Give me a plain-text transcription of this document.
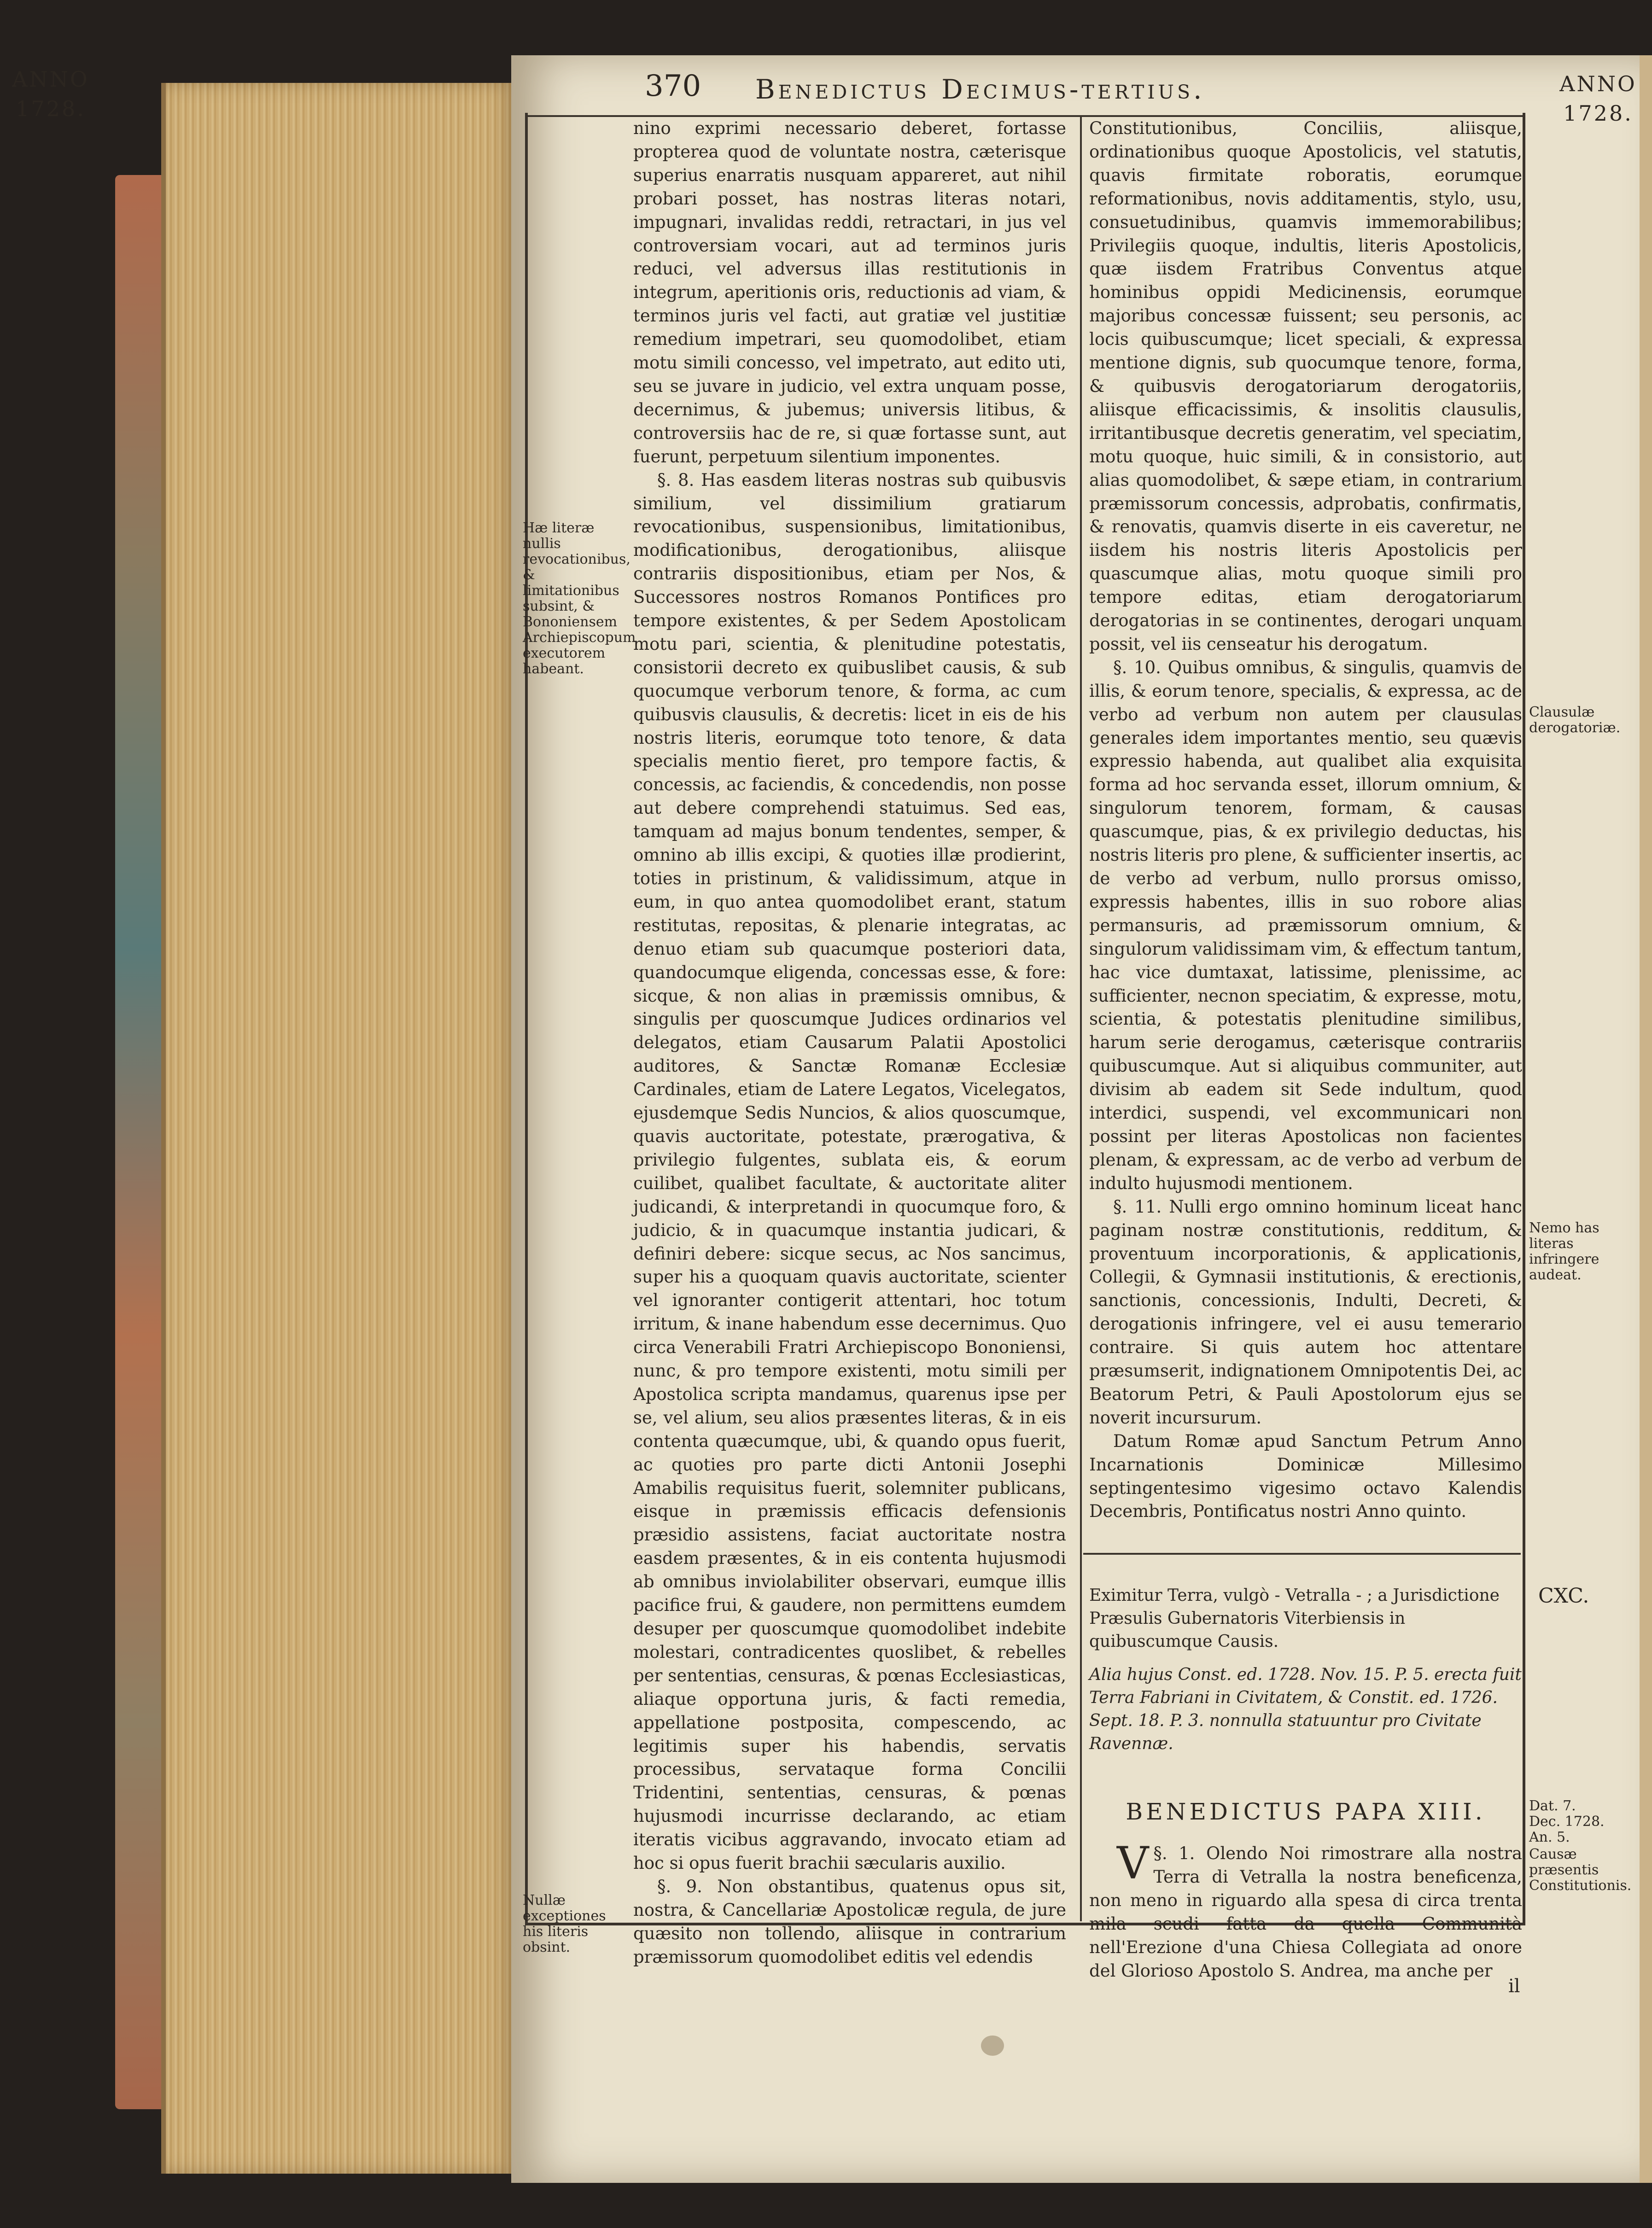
ANNO
1728.
370 Benedictus Decimus-tertius.	ANNO
1728.

nino exprimi necessario deberet, fortasse propterea quod de voluntate nostra, cæterisque superius enarratis nusquam appareret, aut nihil probari posset, has nostras literas notari, impugnari, invalidas reddi, retractari, in jus vel controversiam vocari, aut ad terminos juris reduci, vel adversus illas restitutionis in integrum, aperitionis oris, reductionis ad viam, & terminos juris vel facti, aut gratiæ vel justitiæ remedium impetrari, seu quomodolibet, etiam motu simili concesso, vel impetrato, aut edito uti, seu se juvare in judicio, vel extra unquam posse, decernimus, & jubemus; universis litibus, & controversiis hac de re, si quæ fortasse sunt, aut fuerunt, perpetuum silentium imponentes.

§. 8. Has easdem literas nostras sub quibusvis similium, vel dissimilium gratiarum revocationibus, suspensionibus, limitationibus, modificationibus, derogationibus, aliisque contrariis dispositionibus, etiam per Nos, & Successores nostros Romanos Pontifices pro tempore existentes, & per Sedem Apostolicam motu pari, scientia, & plenitudine potestatis, consistorii decreto ex quibuslibet causis, & sub quocumque verborum tenore, & forma, ac cum quibusvis clausulis, & decretis: licet in eis de his nostris literis, eorumque toto tenore, & data specialis mentio fieret, pro tempore factis, & concessis, ac faciendis, & concedendis, non posse aut debere comprehendi statuimus. Sed eas, tamquam ad majus bonum tendentes, semper, & omnino ab illis excipi, & quoties illæ prodierint, toties in pristinum, & validissimum, atque in eum, in quo antea quomodolibet erant, statum restitutas, repositas, & plenarie integratas, ac denuo etiam sub quacumque posteriori data, quandocumque eligenda, concessas esse, & fore: sicque, & non alias in præmissis omnibus, & singulis per quoscumque Judices ordinarios vel delegatos, etiam Causarum Palatii Apostolici auditores, & Sanctæ Romanæ Ecclesiæ Cardinales, etiam de Latere Legatos, Vicelegatos, ejusdemque Sedis Nuncios, & alios quoscumque, quavis auctoritate, potestate, prærogativa, & privilegio fulgentes, sublata eis, & eorum cuilibet, qualibet facultate, & auctoritate aliter judicandi, & interpretandi in quocumque foro, & judicio, & in quacumque instantia judicari, & definiri debere: sicque secus, ac Nos sancimus, super his a quoquam quavis auctoritate, scienter vel ignoranter contigerit attentari, hoc totum irritum, & inane habendum esse decernimus. Quo circa Venerabili Fratri Archiepiscopo Bononiensi, nunc, & pro tempore existenti, motu simili per Apostolica scripta mandamus, quarenus ipse per se, vel alium, seu alios præsentes literas, & in eis contenta quæcumque, ubi, & quando opus fuerit, ac quoties pro parte dicti Antonii Josephi Amabilis requisitus fuerit, solemniter publicans, eisque in præmissis efficacis defensionis præsidio assistens, faciat auctoritate nostra easdem præsentes, & in eis contenta hujusmodi ab omnibus inviolabiliter observari, eumque illis pacifice frui, & gaudere, non permittens eumdem desuper per quoscumque quomodolibet indebite molestari, contradicentes quoslibet, & rebelles per sententias, censuras, & pœnas Ecclesiasticas, aliaque opportuna juris, & facti remedia, appellatione postposita, compescendo, ac legitimis super his habendis, servatis processibus, servataque forma Concilii Tridentini, sententias, censuras, & pœnas hujusmodi incurrisse declarando, ac etiam iteratis vicibus aggravando, invocato etiam ad hoc si opus fuerit brachii sæcularis auxilio.

§. 9. Non obstantibus, quatenus opus sit, nostra, & Cancellariæ Apostolicæ regula, de jure quæsito non tollendo, aliisque in contrarium præmissorum quomodolibet editis vel edendis

Constitutionibus, Conciliis, aliisque, ordinationibus quoque Apostolicis, vel statutis, quavis firmitate roboratis, eorumque reformationibus, novis additamentis, stylo, usu, consuetudinibus, quamvis immemorabilibus; Privilegiis quoque, indultis, literis Apostolicis, quæ iisdem Fratribus Conventus atque hominibus oppidi Medicinensis, eorumque majoribus concessæ fuissent; seu personis, ac locis quibuscumque; licet speciali, & expressa mentione dignis, sub quocumque tenore, forma, & quibusvis derogatoriarum derogatoriis, aliisque efficacissimis, & insolitis clausulis, irritantibusque decretis generatim, vel speciatim, motu quoque, huic simili, & in consistorio, aut alias quomodolibet, & sæpe etiam, in contrarium præmissorum concessis, adprobatis, confirmatis, & renovatis, quamvis diserte in eis caveretur, ne iisdem his nostris literis Apostolicis per quascumque alias, motu quoque simili pro tempore editas, etiam derogatoriarum derogatorias in se continentes, derogari unquam possit, vel iis censeatur his derogatum.

§. 10. Quibus omnibus, & singulis, quamvis de illis, & eorum tenore, specialis, & expressa, ac de verbo ad verbum non autem per clausulas generales idem importantes mentio, seu quævis expressio habenda, aut qualibet alia exquisita forma ad hoc servanda esset, illorum omnium, & singulorum tenorem, formam, & causas quascumque, pias, & ex privilegio deductas, his nostris literis pro plene, & sufficienter insertis, ac de verbo ad verbum, nullo prorsus omisso, expressis habentes, illis in suo robore alias permansuris, ad præmissorum omnium, & singulorum validissimam vim, & effectum tantum, hac vice dumtaxat, latissime, plenissime, ac sufficienter, necnon speciatim, & expresse, motu, scientia, & potestatis plenitudine similibus, harum serie derogamus, cæterisque contrariis quibuscumque. Aut si aliquibus communiter, aut divisim ab eadem sit Sede indultum, quod interdici, suspendi, vel excommunicari non possint per literas Apostolicas non facientes plenam, & expressam, ac de verbo ad verbum de indulto hujusmodi mentionem.

§. 11. Nulli ergo omnino hominum liceat hanc paginam nostræ constitutionis, redditum, & proventuum incorporationis, & applicationis, Collegii, & Gymnasii institutionis, & erectionis, sanctionis, concessionis, Indulti, Decreti, & derogationis infringere, vel ei ausu temerario contraire. Si quis autem hoc attentare præsumserit, indignationem Omnipotentis Dei, ac Beatorum Petri, & Pauli Apostolorum ejus se noverit incursurum.

Datum Romæ apud Sanctum Petrum Anno Incarnationis Dominicæ Millesimo septingentesimo vigesimo octavo Kalendis Decembris, Pontificatus nostri Anno quinto.

Eximitur Terra, vulgò - Vetralla - ; a Jurisdictione Præsulis Gubernatoris Viterbiensis in quibuscumque Causis.

Alia hujus Const. ed. 1728. Nov. 15. P. 5. erecta fuit Terra Fabriani in Civitatem, & Constit. ed. 1726. Sept. 18. P. 3. nonnulla statuuntur pro Civitate Ravennæ.

BENEDICTUS PAPA XIII.

§. 1.
V	Olendo Noi rimostrare alla nostra Terra di Vetralla la nostra beneficenza, non meno in riguardo alla spesa di circa trenta mila scudi fatta da quella Communità nell'Erezione d'una Chiesa Collegiata ad onore del Glorioso Apostolo S. Andrea, ma anche per

Hæ literæ nullis revocationibus, & limitationibus subsint, & Bononiensem Archiepiscopum executorem habeant.
Nullæ exceptiones his literis obsint.
Clausulæ derogatoriæ.
Nemo has literas infringere audeat.
CXC.
Dat. 7. Dec. 1728. An. 5.
Causæ præsentis Constitutionis.
il
